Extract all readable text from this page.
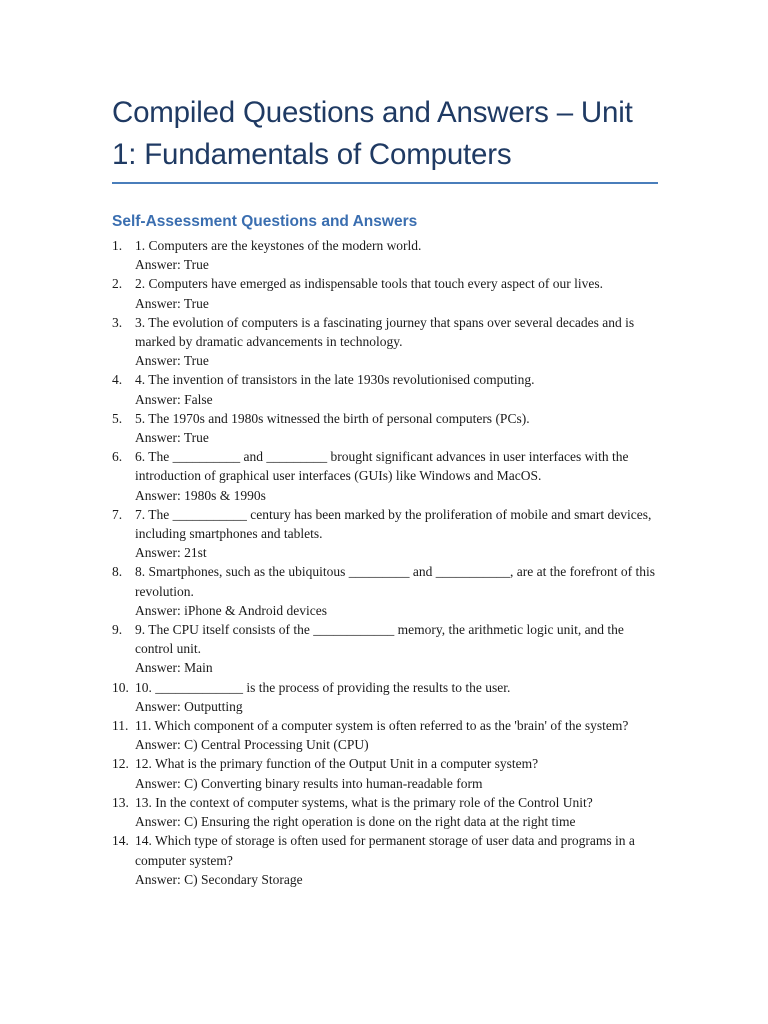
Compiled Questions and Answers – Unit 1: Fundamentals of Computers
Self-Assessment Questions and Answers
1. 1. Computers are the keystones of the modern world.
Answer: True
2. 2. Computers have emerged as indispensable tools that touch every aspect of our lives.
Answer: True
3. 3. The evolution of computers is a fascinating journey that spans over several decades and is marked by dramatic advancements in technology.
Answer: True
4. 4. The invention of transistors in the late 1930s revolutionised computing.
Answer: False
5. 5. The 1970s and 1980s witnessed the birth of personal computers (PCs).
Answer: True
6. 6. The __________ and _________ brought significant advances in user interfaces with the introduction of graphical user interfaces (GUIs) like Windows and MacOS.
Answer: 1980s & 1990s
7. 7. The ___________ century has been marked by the proliferation of mobile and smart devices, including smartphones and tablets.
Answer: 21st
8. 8. Smartphones, such as the ubiquitous _________ and ___________, are at the forefront of this revolution.
Answer: iPhone & Android devices
9. 9. The CPU itself consists of the ____________ memory, the arithmetic logic unit, and the control unit.
Answer: Main
10. 10. _____________ is the process of providing the results to the user.
Answer: Outputting
11. 11. Which component of a computer system is often referred to as the 'brain' of the system?
Answer: C) Central Processing Unit (CPU)
12. 12. What is the primary function of the Output Unit in a computer system?
Answer: C) Converting binary results into human-readable form
13. 13. In the context of computer systems, what is the primary role of the Control Unit?
Answer: C) Ensuring the right operation is done on the right data at the right time
14. 14. Which type of storage is often used for permanent storage of user data and programs in a computer system?
Answer: C) Secondary Storage
